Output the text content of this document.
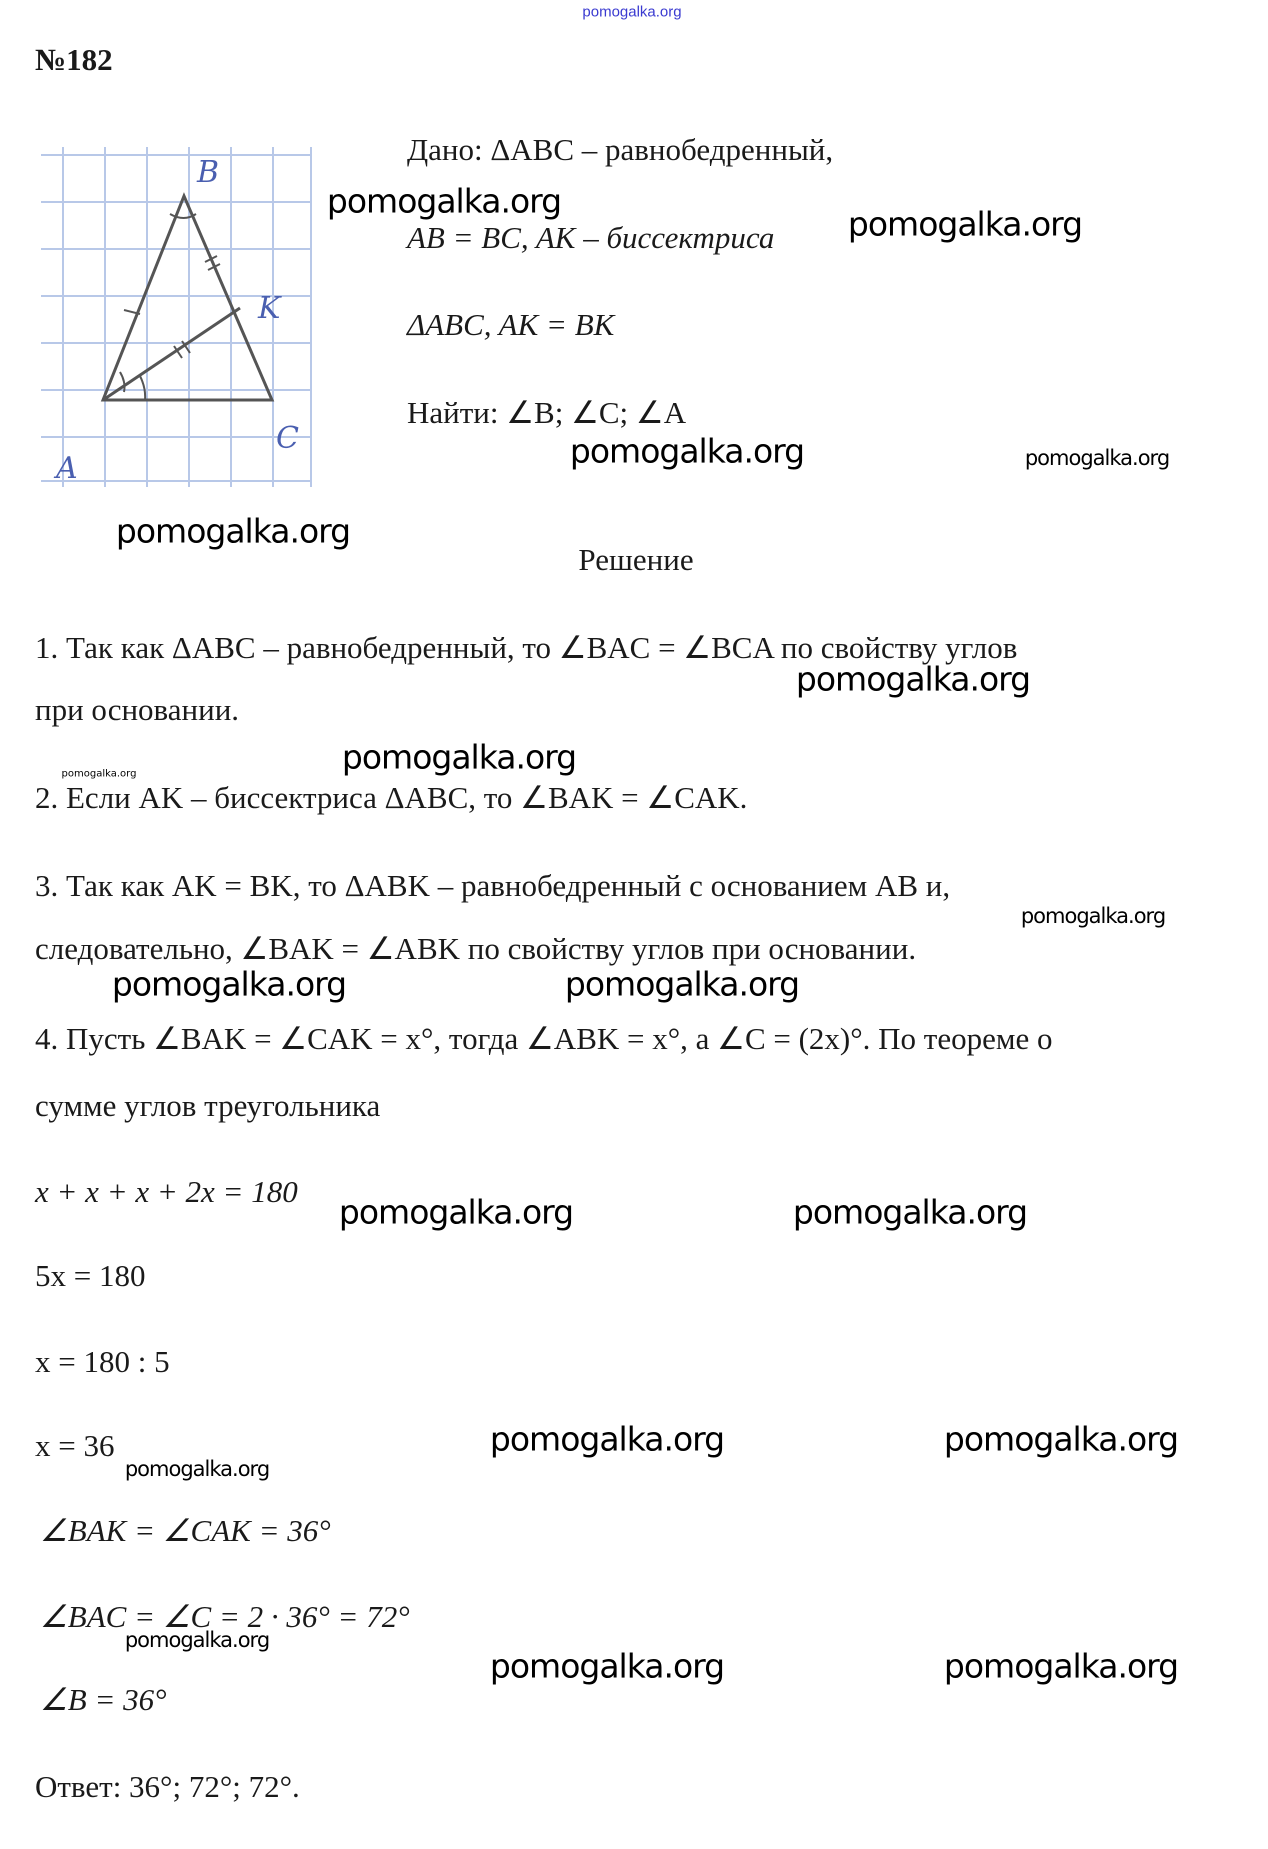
pomogalka.org
№182
B
K
A
C
Дано: ΔABC – равнобедренный,
AB = BC, AK – биссектриса
ΔABC, AK = BK
Найти: ∠B; ∠C; ∠A
Решение
1. Так как ΔABC – равнобедренный, то ∠BAC = ∠BCA по свойству углов
при основании.
2. Если AK – биссектриса ΔABC, то ∠BAK = ∠CAK.
3. Так как AK = BK, то ΔABK – равнобедренный с основанием AB и,
следовательно, ∠BAK = ∠ABK по свойству углов при основании.
4. Пусть ∠BAK = ∠CAK = x°, тогда ∠ABK = x°, а ∠C = (2x)°. По теореме о
сумме углов треугольника
x + x + x + 2x = 180
5x = 180
x = 180 : 5
x = 36
∠BAK = ∠CAK = 36°
∠BAC = ∠C = 2 · 36° = 72°
∠B = 36°
Ответ: 36°; 72°; 72°.
pomogalka.org
pomogalka.org
pomogalka.org	pomogalka.org
pomogalka.org
pomogalka.org
pomogalka.org
pomogalka.org
pomogalka.org
pomogalka.org	pomogalka.org
pomogalka.org	pomogalka.org
pomogalka.org	pomogalka.org
pomogalka.org
pomogalka.org
pomogalka.org	pomogalka.org
